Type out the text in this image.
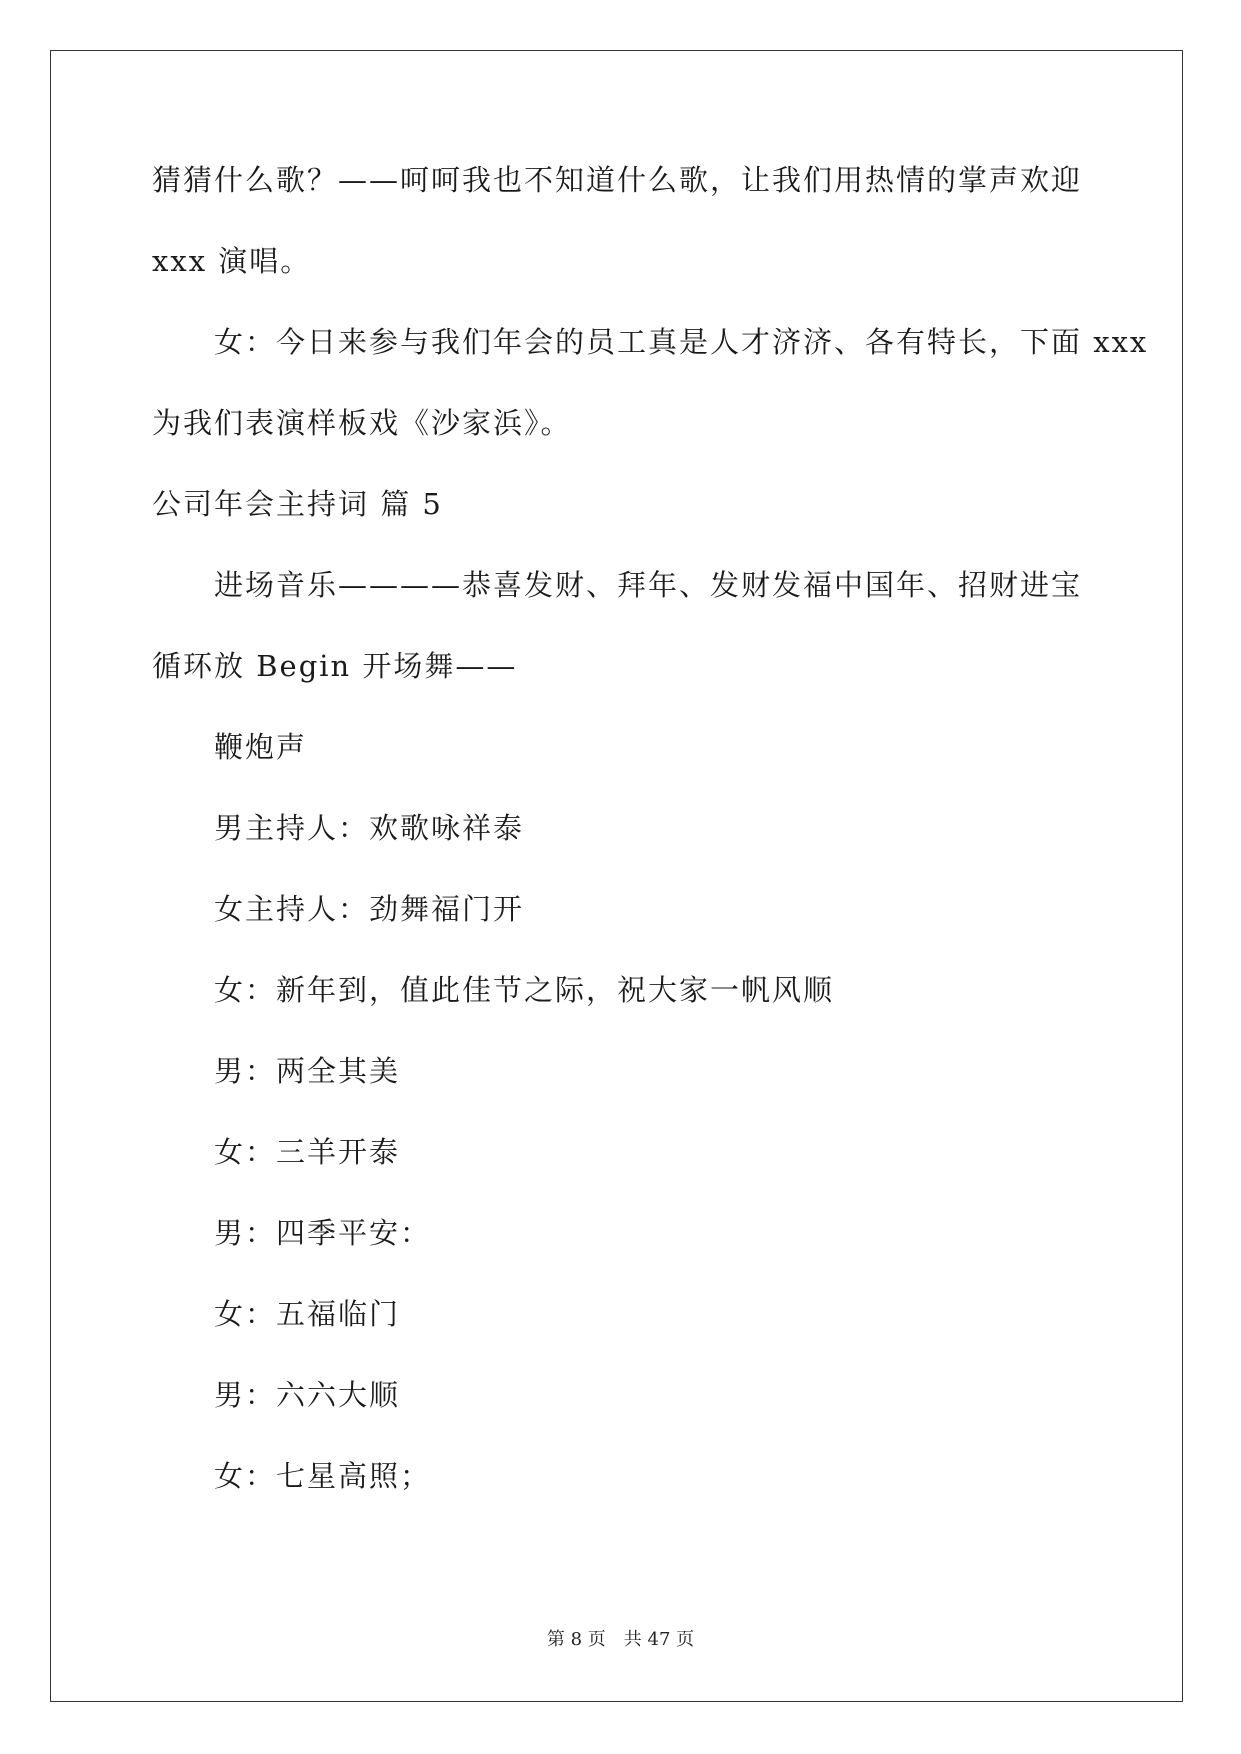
猜猜什么歌？——呵呵我也不知道什么歌，让我们用热情的掌声欢迎
xxx 演唱。
女：今日来参与我们年会的员工真是人才济济、各有特长，下面 xxx
为我们表演样板戏《沙家浜》。
公司年会主持词 篇 5
进场音乐————恭喜发财、拜年、发财发福中国年、招财进宝
循环放 Begin 开场舞——
鞭炮声
男主持人：欢歌咏祥泰
女主持人：劲舞福门开
女：新年到，值此佳节之际，祝大家一帆风顺
男：两全其美
女：三羊开泰
男：四季平安：
女：五福临门
男：六六大顺
女：七星高照；
第 8 页 共 47 页
